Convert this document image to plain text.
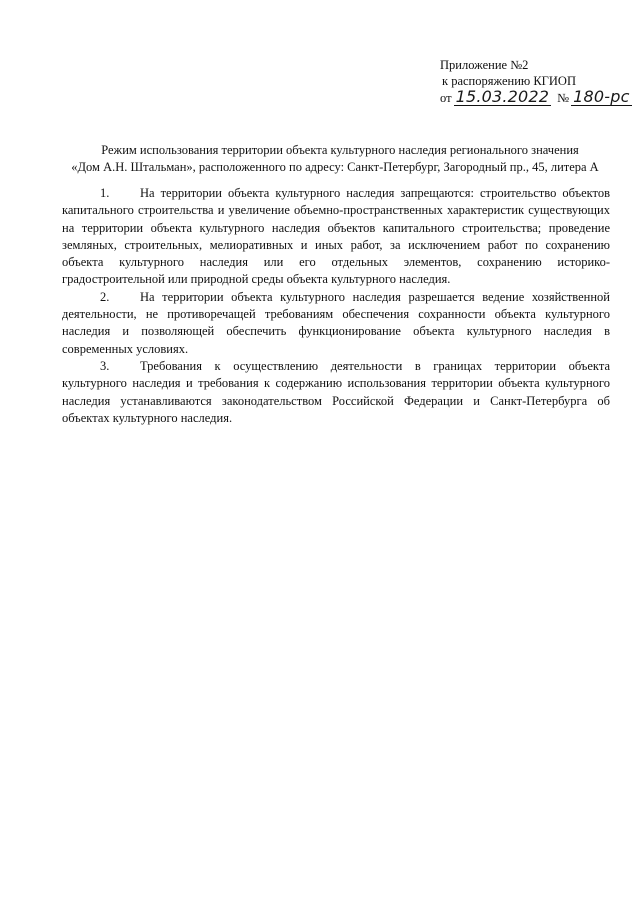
Приложение №2
к распоряжению КГИОП
от 15.03.2022 № 180-рс
Режим использования территории объекта культурного наследия регионального значения
«Дом А.Н. Штальман», расположенного по адресу: Санкт-Петербург, Загородный пр., 45, литера А

1. На территории объекта культурного наследия запрещаются: строительство объектов капитального строительства и увеличение объемно-пространственных характеристик существующих на территории объекта культурного наследия объектов капитального строительства; проведение земляных, строительных, мелиоративных и иных работ, за исключением работ по сохранению объекта культурного наследия или его отдельных элементов, сохранению историко-градостроительной или природной среды объекта культурного наследия.

2. На территории объекта культурного наследия разрешается ведение хозяйственной деятельности, не противоречащей требованиям обеспечения сохранности объекта культурного наследия и позволяющей обеспечить функционирование объекта культурного наследия в современных условиях.

3. Требования к осуществлению деятельности в границах территории объекта культурного наследия и требования к содержанию использования территории объекта культурного наследия устанавливаются законодательством Российской Федерации и Санкт-Петербурга об объектах культурного наследия.
